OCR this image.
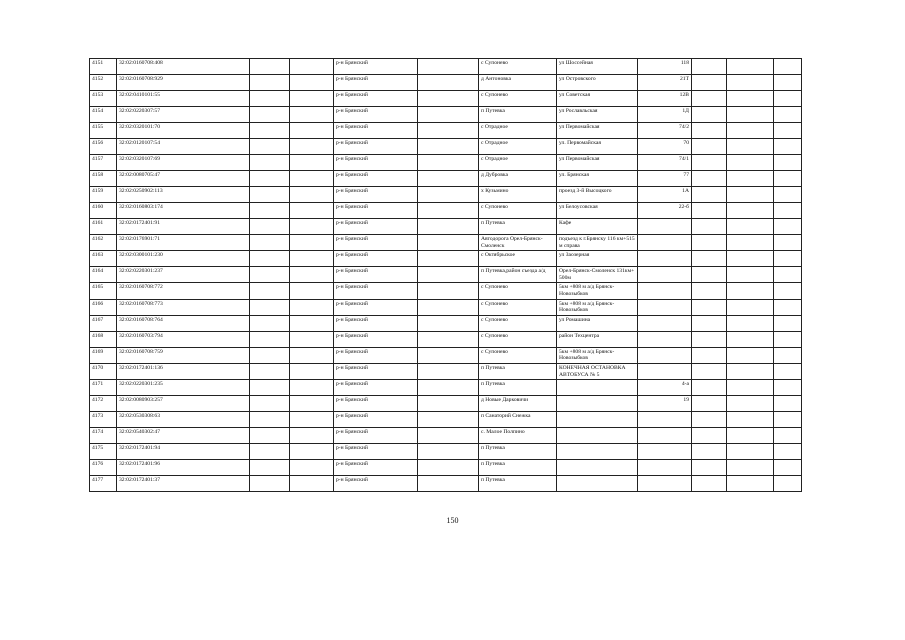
4151	32:02:0160708:408			р-н Брянский		с Супонево	ул Шоссейная	118			
4152	32:02:0160708:929			р-н Брянский		д Антоновка	ул Островского	21Т			
4153	32:02:0410101:55			р-н Брянский		с Супонево	ул Советская	12В			
4154	32:02:0220307:57			р-н Брянский		п Путевка	ул Рославльская	1Д			
4155	32:02:0320101:70			р-н Брянский		с Отрадное	ул Первомайская	74/2			
4156	32:02:0120107:54			р-н Брянский		с Отрадное	ул. Первомайская	70			
4157	32:02:0320107:69			р-н Брянский		с Отрадное	ул Первомайская	74/1			
4158	32:02:0080705:47			р-н Брянский		д Дубровка	ул. Брянская	77			
4159	32:02:0250902:113			р-н Брянский		х Кузьмино	проезд 3-й Высоцкого	1А			
4160	32:02:0160803:174			р-н Брянский		с Супонево	ул Белоусовская	22-б			
4161	32:02:0172401:91			р-н Брянский		п Путевка	Кафе				
4162	32:02:0176901:71			р-н Брянский		Автодорога Орел-Брянск-Смоленск	подъезд к г.Брянску 116 км+515 м справа				
4163	32:02:0300101:230			р-н Брянский		с Октябрьское	ул Заозерная				
4164	32:02:0220301:237			р-н Брянский		п Путевка,район съезда а/д	Орел-Брянск-Смоленск 131км+ 500м				
4165	32:02:0160708:772			р-н Брянский		с Супонево	5км +808 м а/д Брянск-Новозыбков				
4166	32:02:0160708:773			р-н Брянский		с Супонево	5км +808 м а/д Брянск-Новозыбков				
4167	32:02:0160708:764			р-н Брянский		с Супонево	ул Ромашина				
4168	32:02:0160703:794			р-н Брянский		с Супонево	район Техцентра				
4169	32:02:0160708:759			р-н Брянский		с Супонево	5км +808 м а/д Брянск-Новозыбков				
4170	32:02:0172401:136			р-н Брянский		п Путевка	КОНЕЧНАЯ ОСТАНОВКА АВТОБУСА № 5				
4171	32:02:0220301:235			р-н Брянский		п Путевка		4-а			
4172	32:02:0080903:257			р-н Брянский		д Новые Дарковичи		19			
4173	32:02:0530308:63			р-н Брянский		п Санаторий Снежка					
4174	32:02:0540302:47			р-н Брянский		с. Малое Полпино					
4175	32:02:0172401:94			р-н Брянский		п Путевка					
4176	32:02:0172401:96			р-н Брянский		п Путевка					
4177	32:02:0172401:37			р-н Брянский		п Путевка					
150
